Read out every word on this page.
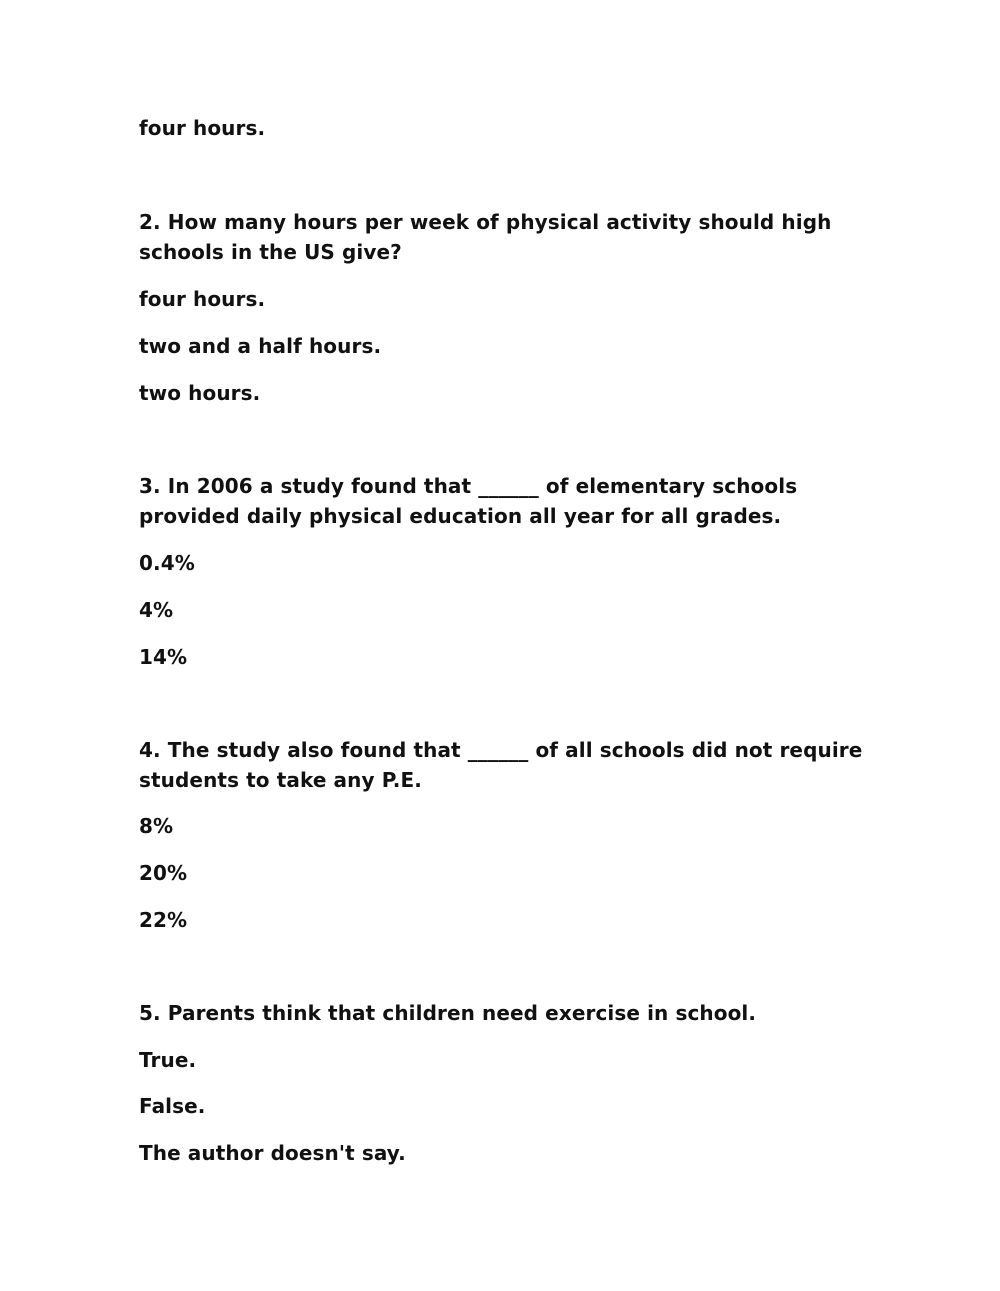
four hours.
2. How many hours per week of physical activity should high
schools in the US give?
four hours.
two and a half hours.
two hours.
3. In 2006 a study found that ______ of elementary schools
provided daily physical education all year for all grades.
0.4%
4%
14%
4. The study also found that ______ of all schools did not require
students to take any P.E.
8%
20%
22%
5. Parents think that children need exercise in school.
True.
False.
The author doesn't say.
